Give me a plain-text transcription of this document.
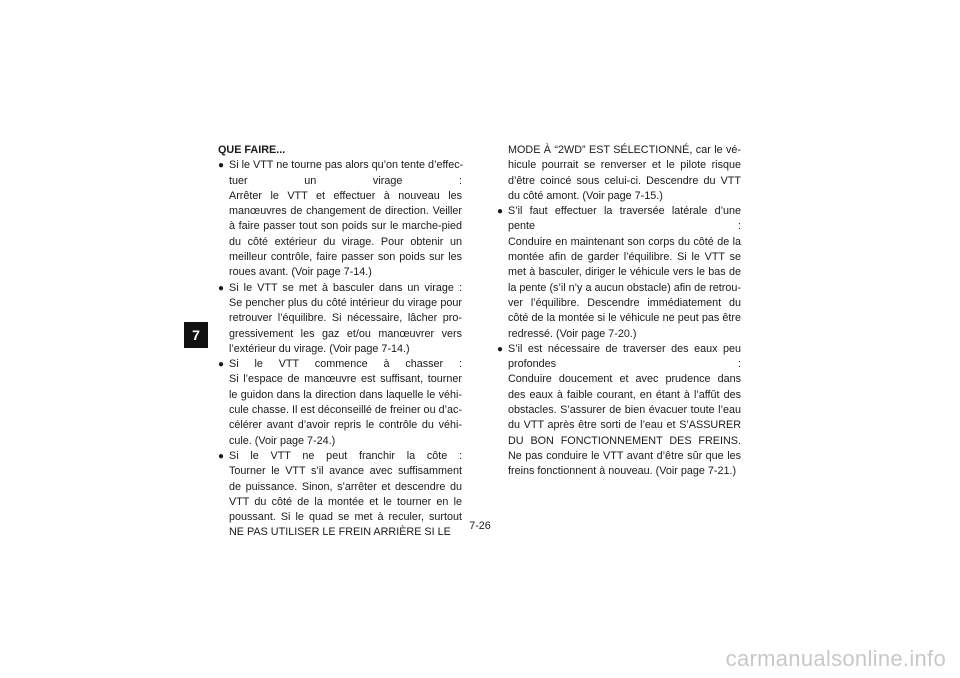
7
QUE FAIRE...
● Si le VTT ne tourne pas alors qu’on tente d’effec-
tuer un virage :
Arrêter le VTT et effectuer à nouveau les
manœuvres de changement de direction. Veiller
à faire passer tout son poids sur le marche-pied
du côté extérieur du virage. Pour obtenir un
meilleur contrôle, faire passer son poids sur les
roues avant. (Voir page 7-14.)
● Si le VTT se met à basculer dans un virage :
Se pencher plus du côté intérieur du virage pour
retrouver l’équilibre. Si nécessaire, lâcher pro-
gressivement les gaz et/ou manœuvrer vers
l’extérieur du virage. (Voir page 7-14.)
● Si le VTT commence à chasser :
Si l’espace de manœuvre est suffisant, tourner
le guidon dans la direction dans laquelle le véhi-
cule chasse. Il est déconseillé de freiner ou d’ac-
célérer avant d’avoir repris le contrôle du véhi-
cule. (Voir page 7-24.)
● Si le VTT ne peut franchir la côte :
Tourner le VTT s’il avance avec suffisamment
de puissance. Sinon, s’arrêter et descendre du
VTT du côté de la montée et le tourner en le
poussant. Si le quad se met à reculer, surtout
NE PAS UTILISER LE FREIN ARRIÈRE SI LE
MODE À “2WD” EST SÉLECTIONNÉ, car le vé-
hicule pourrait se renverser et le pilote risque
d’être coincé sous celui-ci. Descendre du VTT
du côté amont. (Voir page 7-15.)
● S’il faut effectuer la traversée latérale d’une
pente :
Conduire en maintenant son corps du côté de la
montée afin de garder l’équilibre. Si le VTT se
met à basculer, diriger le véhicule vers le bas de
la pente (s’il n’y a aucun obstacle) afin de retrou-
ver l’équilibre. Descendre immédiatement du
côté de la montée si le véhicule ne peut pas être
redressé. (Voir page 7-20.)
● S’il est nécessaire de traverser des eaux peu
profondes :
Conduire doucement et avec prudence dans
des eaux à faible courant, en étant à l’affût des
obstacles. S’assurer de bien évacuer toute l’eau
du VTT après être sorti de l’eau et S’ASSURER
DU BON FONCTIONNEMENT DES FREINS.
Ne pas conduire le VTT avant d’être sûr que les
freins fonctionnent à nouveau. (Voir page 7-21.)
7-26
carmanualsonline.info
